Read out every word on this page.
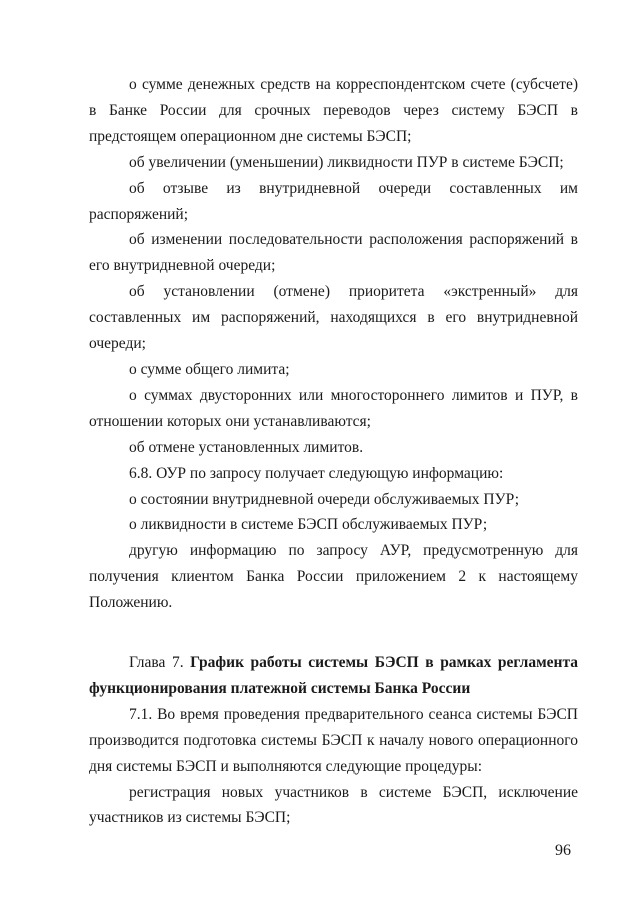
о сумме денежных средств на корреспондентском счете (субсчете) в Банке России для срочных переводов через систему БЭСП в предстоящем операционном дне системы БЭСП;

об увеличении (уменьшении) ликвидности ПУР в системе БЭСП;

об отзыве из внутридневной очереди составленных им распоряжений;

об изменении последовательности расположения распоряжений в его внутридневной очереди;

об установлении (отмене) приоритета «экстренный» для составленных им распоряжений, находящихся в его внутридневной очереди;

о сумме общего лимита;

о суммах двусторонних или многостороннего лимитов и ПУР, в отношении которых они устанавливаются;

об отмене установленных лимитов.

6.8. ОУР по запросу получает следующую информацию:

о состоянии внутридневной очереди обслуживаемых ПУР;

о ликвидности в системе БЭСП обслуживаемых ПУР;

другую информацию по запросу АУР, предусмотренную для получения клиентом Банка России приложением 2 к настоящему Положению.

Глава 7. График работы системы БЭСП в рамках регламента функционирования платежной системы Банка России

7.1. Во время проведения предварительного сеанса системы БЭСП производится подготовка системы БЭСП к началу нового операционного дня системы БЭСП и выполняются следующие процедуры:

регистрация новых участников в системе БЭСП, исключение участников из системы БЭСП;

96
